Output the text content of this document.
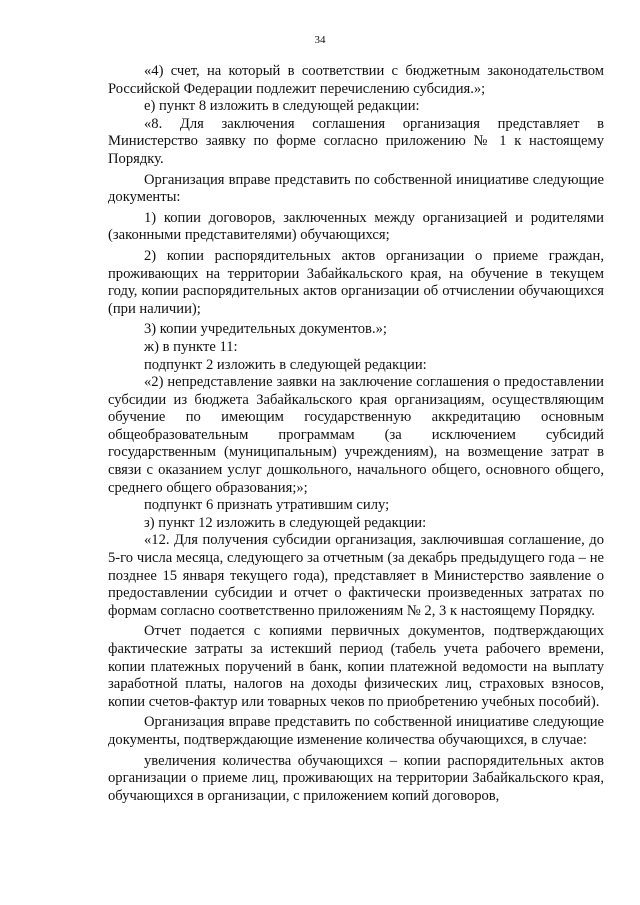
34

«4) счет, на который в соответствии с бюджетным законодательством Российской Федерации подлежит перечислению субсидия.»;

е) пункт 8 изложить в следующей редакции:

«8. Для заключения соглашения организация представляет в Министерство заявку по форме согласно приложению № 1 к настоящему Порядку.

Организация вправе представить по собственной инициативе следующие документы:

1) копии договоров, заключенных между организацией и родителями (законными представителями) обучающихся;

2) копии распорядительных актов организации о приеме граждан, проживающих на территории Забайкальского края, на обучение в текущем году, копии распорядительных актов организации об отчислении обучающихся (при наличии);

3) копии учредительных документов.»;

ж) в пункте 11:

подпункт 2 изложить в следующей редакции:

«2) непредставление заявки на заключение соглашения о предоставлении субсидии из бюджета Забайкальского края организациям, осуществляющим обучение по имеющим государственную аккредитацию основным общеобразовательным программам (за исключением субсидий государственным (муниципальным) учреждениям), на возмещение затрат в связи с оказанием услуг дошкольного, начального общего, основного общего, среднего общего образования;»;

подпункт 6 признать утратившим силу;

з) пункт 12 изложить в следующей редакции:

«12. Для получения субсидии организация, заключившая соглашение, до 5-го числа месяца, следующего за отчетным (за декабрь предыдущего года – не позднее 15 января текущего года), представляет в Министерство заявление о предоставлении субсидии и отчет о фактически произведенных затратах по формам согласно соответственно приложениям № 2, 3 к настоящему Порядку.

Отчет подается с копиями первичных документов, подтверждающих фактические затраты за истекший период (табель учета рабочего времени, копии платежных поручений в банк, копии платежной ведомости на выплату заработной платы, налогов на доходы физических лиц, страховых взносов, копии счетов-фактур или товарных чеков по приобретению учебных пособий).

Организация вправе представить по собственной инициативе следующие документы, подтверждающие изменение количества обучающихся, в случае:

увеличения количества обучающихся – копии распорядительных актов организации о приеме лиц, проживающих на территории Забайкальского края, обучающихся в организации, с приложением копий договоров,
